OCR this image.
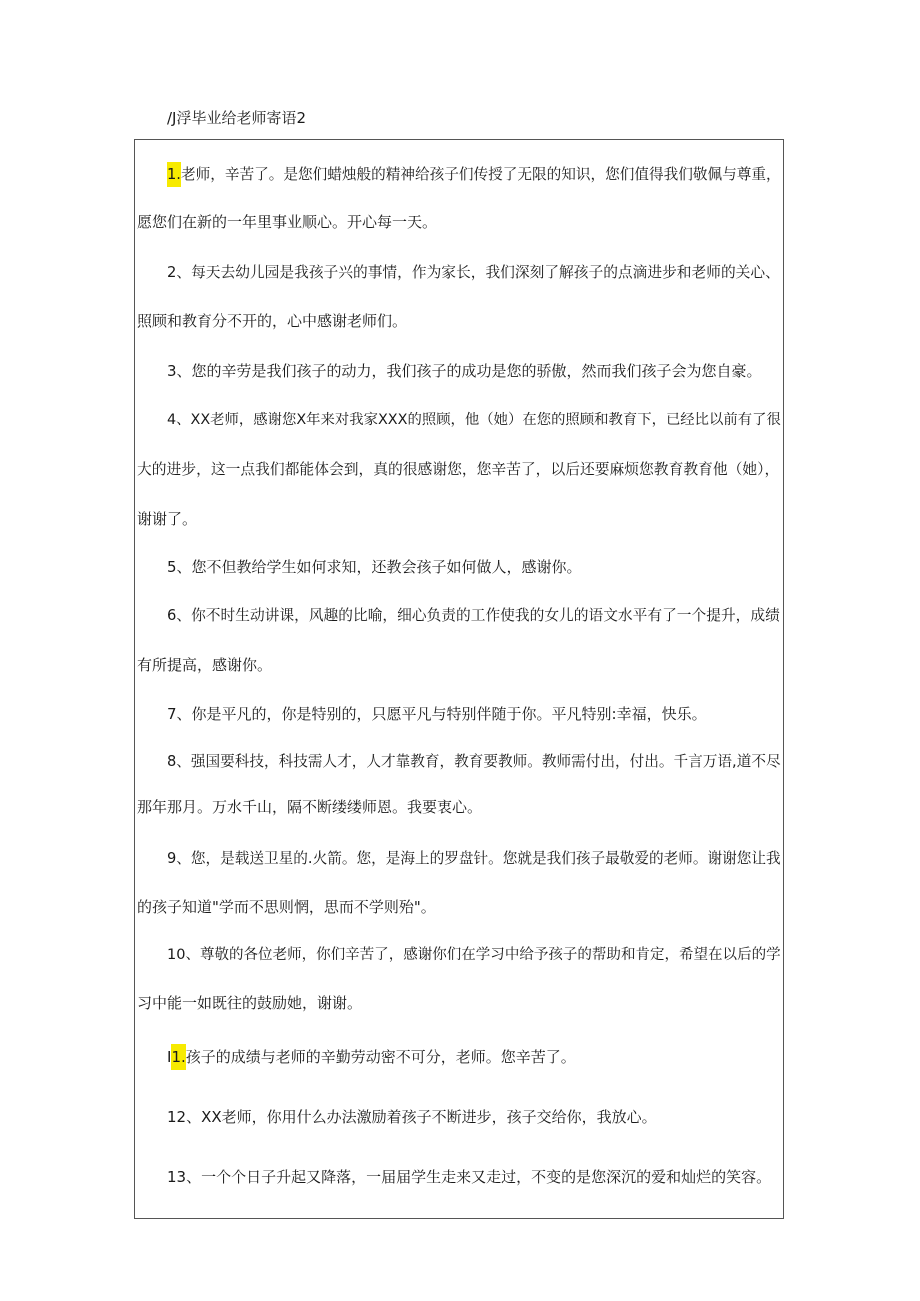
/J浮毕业给老师寄语2
1.老师，辛苦了。是您们蜡烛般的精神给孩子们传授了无限的知识，您们值得我们敬佩与尊重，
愿您们在新的一年里事业顺心。开心每一天。
2、每天去幼儿园是我孩子兴的事情，作为家长，我们深刻了解孩子的点滴进步和老师的关心、
照顾和教育分不开的，心中感谢老师们。
3、您的辛劳是我们孩子的动力，我们孩子的成功是您的骄傲，然而我们孩子会为您自豪。
4、XX老师，感谢您X年来对我家XXX的照顾，他（她）在您的照顾和教育下，已经比以前有了很
大的进步，这一点我们都能体会到，真的很感谢您，您辛苦了，以后还要麻烦您教育教育他（她），
谢谢了。
5、您不但教给学生如何求知，还教会孩子如何做人，感谢你。
6、你不时生动讲课，风趣的比喻，细心负责的工作使我的女儿的语文水平有了一个提升，成绩
有所提高，感谢你。
7、你是平凡的，你是特别的，只愿平凡与特别伴随于你。平凡特别:幸福，快乐。
8、强国要科技，科技需人才，人才靠教育，教育要教师。教师需付出，付出。千言万语,道不尽
那年那月。万水千山，隔不断缕缕师恩。我要衷心。
9、您，是载送卫星的.火箭。您，是海上的罗盘针。您就是我们孩子最敬爱的老师。谢谢您让我
的孩子知道"学而不思则惘，思而不学则殆"。
10、尊敬的各位老师，你们辛苦了，感谢你们在学习中给予孩子的帮助和肯定，希望在以后的学
习中能一如既往的鼓励她，谢谢。
I1.孩子的成绩与老师的辛勤劳动密不可分，老师。您辛苦了。
12、XX老师，你用什么办法激励着孩子不断进步，孩子交给你，我放心。
13、一个个日子升起又降落，一届届学生走来又走过，不变的是您深沉的爱和灿烂的笑容。
